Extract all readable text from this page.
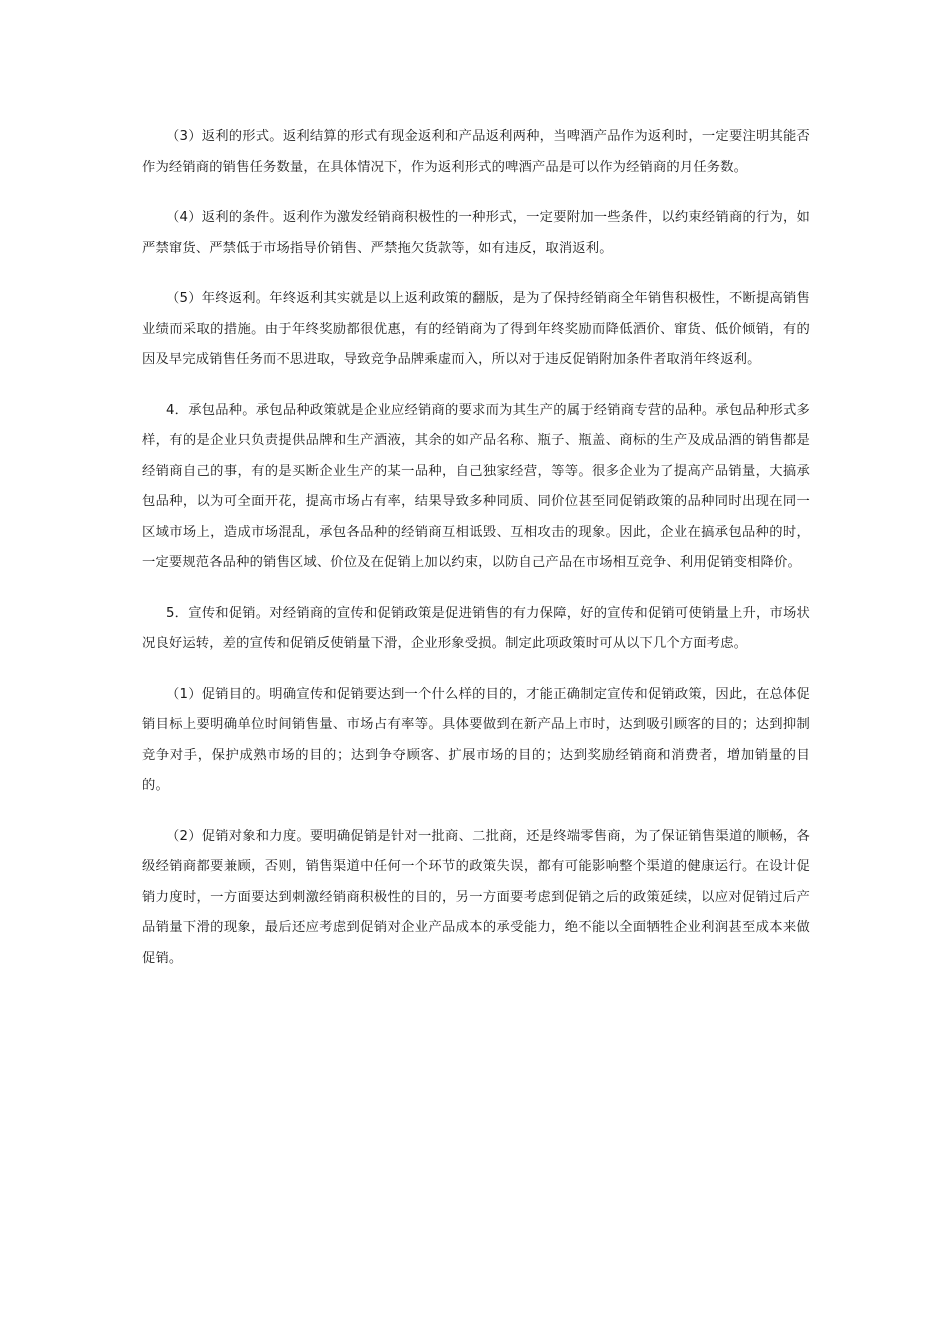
（3）返利的形式。返利结算的形式有现金返利和产品返利两种，当啤酒产品作为返利时，一定要注明其能否作为经销商的销售任务数量，在具体情况下，作为返利形式的啤酒产品是可以作为经销商的月任务数。

（4）返利的条件。返利作为激发经销商积极性的一种形式，一定要附加一些条件，以约束经销商的行为，如严禁窜货、严禁低于市场指导价销售、严禁拖欠货款等，如有违反，取消返利。

（5）年终返利。年终返利其实就是以上返利政策的翻版，是为了保持经销商全年销售积极性，不断提高销售业绩而采取的措施。由于年终奖励都很优惠，有的经销商为了得到年终奖励而降低酒价、窜货、低价倾销，有的因及早完成销售任务而不思进取，导致竞争品牌乘虚而入，所以对于违反促销附加条件者取消年终返利。

4．承包品种。承包品种政策就是企业应经销商的要求而为其生产的属于经销商专营的品种。承包品种形式多样，有的是企业只负责提供品牌和生产酒液，其余的如产品名称、瓶子、瓶盖、商标的生产及成品酒的销售都是经销商自己的事，有的是买断企业生产的某一品种，自己独家经营，等等。很多企业为了提高产品销量，大搞承包品种，以为可全面开花，提高市场占有率，结果导致多种同质、同价位甚至同促销政策的品种同时出现在同一区域市场上，造成市场混乱，承包各品种的经销商互相诋毁、互相攻击的现象。因此，企业在搞承包品种的时，一定要规范各品种的销售区域、价位及在促销上加以约束，以防自己产品在市场相互竞争、利用促销变相降价。

5．宣传和促销。对经销商的宣传和促销政策是促进销售的有力保障，好的宣传和促销可使销量上升，市场状况良好运转，差的宣传和促销反使销量下滑，企业形象受损。制定此项政策时可从以下几个方面考虑。

（1）促销目的。明确宣传和促销要达到一个什么样的目的，才能正确制定宣传和促销政策，因此，在总体促销目标上要明确单位时间销售量、市场占有率等。具体要做到在新产品上市时，达到吸引顾客的目的；达到抑制竞争对手，保护成熟市场的目的；达到争夺顾客、扩展市场的目的；达到奖励经销商和消费者，增加销量的目的。

（2）促销对象和力度。要明确促销是针对一批商、二批商，还是终端零售商，为了保证销售渠道的顺畅，各级经销商都要兼顾，否则，销售渠道中任何一个环节的政策失误，都有可能影响整个渠道的健康运行。在设计促销力度时，一方面要达到刺激经销商积极性的目的，另一方面要考虑到促销之后的政策延续，以应对促销过后产品销量下滑的现象，最后还应考虑到促销对企业产品成本的承受能力，绝不能以全面牺牲企业利润甚至成本来做促销。
